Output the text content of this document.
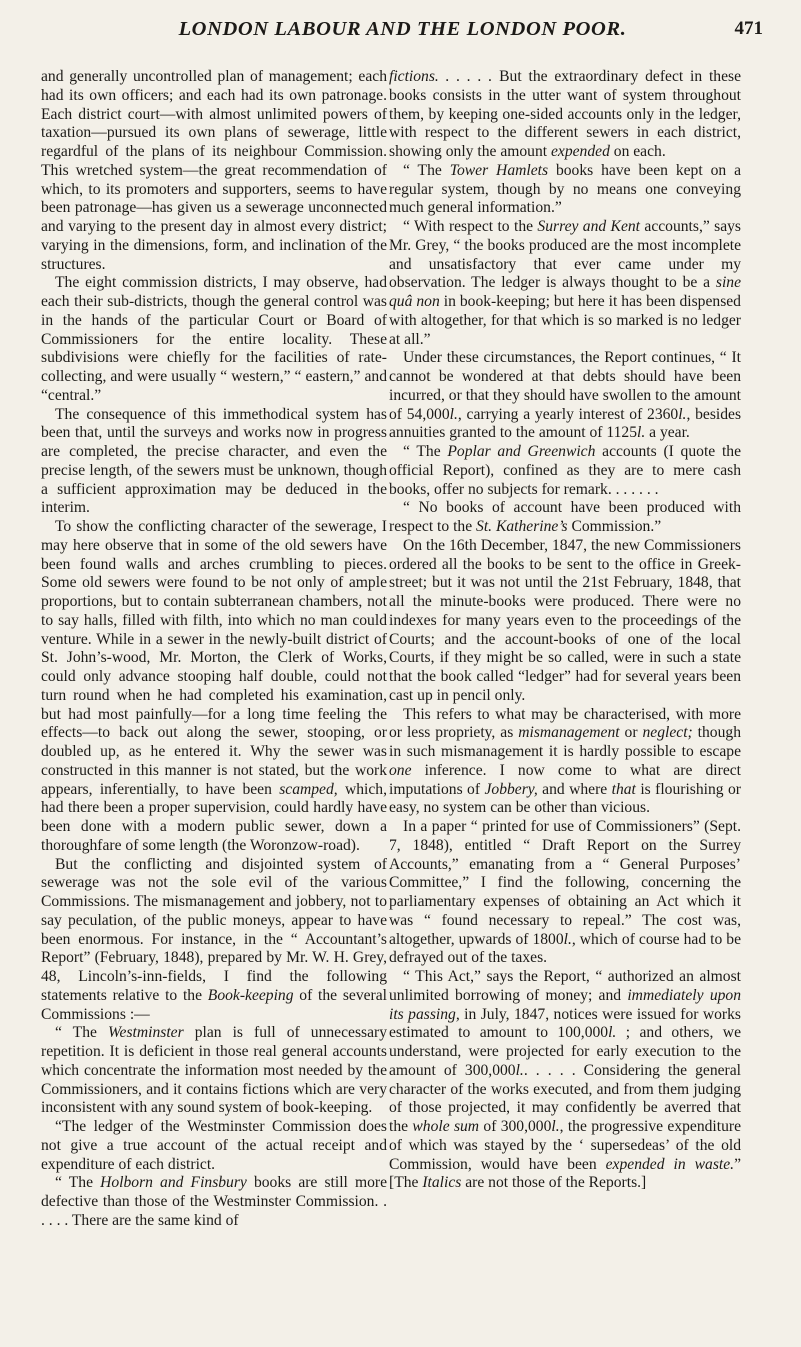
LONDON LABOUR AND THE LONDON POOR.	471

and generally uncontrolled plan of management; each had its own officers; and each had its own patronage. Each district court—with almost unlimited powers of taxation—pursued its own plans of sewerage, little regardful of the plans of its neighbour Commission. This wretched system—the great recommendation of which, to its promoters and supporters, seems to have been patronage—has given us a sewerage unconnected and varying to the present day in almost every district; varying in the dimensions, form, and inclination of the structures.

The eight commission districts, I may observe, had each their sub-districts, though the general control was in the hands of the particular Court or Board of Commissioners for the entire locality. These subdivisions were chiefly for the facilities of rate-collecting, and were usually “ western,” “ eastern,” and “central.”

The consequence of this immethodical system has been that, until the surveys and works now in progress are completed, the precise character, and even the precise length, of the sewers must be unknown, though a sufficient approximation may be deduced in the interim.

To show the conflicting character of the sewerage, I may here observe that in some of the old sewers have been found walls and arches crumbling to pieces. Some old sewers were found to be not only of ample proportions, but to contain subterranean chambers, not to say halls, filled with filth, into which no man could venture. While in a sewer in the newly-built district of St. John’s-wood, Mr. Morton, the Clerk of Works, could only advance stooping half double, could not turn round when he had completed his examination, but had most painfully—for a long time feeling the effects—to back out along the sewer, stooping, or doubled up, as he entered it. Why the sewer was constructed in this manner is not stated, but the work appears, inferentially, to have been scamped, which, had there been a proper supervision, could hardly have been done with a modern public sewer, down a thoroughfare of some length (the Woronzow-road).

But the conflicting and disjointed system of sewerage was not the sole evil of the various Commissions. The mismanagement and jobbery, not to say peculation, of the public moneys, appear to have been enormous. For instance, in the “ Accountant’s Report” (February, 1848), prepared by Mr. W. H. Grey, 48, Lincoln’s-inn-fields, I find the following statements relative to the Book-keeping of the several Commissions :—

“ The Westminster plan is full of unnecessary repetition. It is deficient in those real general accounts which concentrate the information most needed by the Commissioners, and it contains fictions which are very inconsistent with any sound system of book-keeping.

“The ledger of the Westminster Commission does not give a true account of the actual receipt and expenditure of each district.

“ The Holborn and Finsbury books are still more defective than those of the Westminster Commission. . . . . . There are the same kind of

fictions. . . . . . But the extraordinary defect in these books consists in the utter want of system throughout them, by keeping one-sided accounts only in the ledger, with respect to the different sewers in each district, showing only the amount expended on each.

“ The Tower Hamlets books have been kept on a regular system, though by no means one conveying much general information.”

“ With respect to the Surrey and Kent accounts,” says Mr. Grey, “ the books produced are the most incomplete and unsatisfactory that ever came under my observation. The ledger is always thought to be a sine quâ non in book-keeping; but here it has been dispensed with altogether, for that which is so marked is no ledger at all.”

Under these circumstances, the Report continues, “ It cannot be wondered at that debts should have been incurred, or that they should have swollen to the amount of 54,000l., carrying a yearly interest of 2360l., besides annuities granted to the amount of 1125l. a year.

“ The Poplar and Greenwich accounts (I quote the official Report), confined as they are to mere cash books, offer no subjects for remark. . . . . . .

“ No books of account have been produced with respect to the St. Katherine’s Commission.”

On the 16th December, 1847, the new Commissioners ordered all the books to be sent to the office in Greek-street; but it was not until the 21st February, 1848, that all the minute-books were produced. There were no indexes for many years even to the proceedings of the Courts; and the account-books of one of the local Courts, if they might be so called, were in such a state that the book called “ledger” had for several years been cast up in pencil only.

This refers to what may be characterised, with more or less propriety, as mismanagement or neglect; though in such mismanagement it is hardly possible to escape one inference. I now come to what are direct imputations of Jobbery, and where that is flourishing or easy, no system can be other than vicious.

In a paper “ printed for use of Commissioners” (Sept. 7, 1848), entitled “ Draft Report on the Surrey Accounts,” emanating from a “ General Purposes’ Committee,” I find the following, concerning the parliamentary expenses of obtaining an Act which it was “ found necessary to repeal.” The cost was, altogether, upwards of 1800l., which of course had to be defrayed out of the taxes.

“ This Act,” says the Report, “ authorized an almost unlimited borrowing of money; and immediately upon its passing, in July, 1847, notices were issued for works estimated to amount to 100,000l. ; and others, we understand, were projected for early execution to the amount of 300,000l.. . . . . Considering the general character of the works executed, and from them judging of those projected, it may confidently be averred that the whole sum of 300,000l., the progressive expenditure of which was stayed by the ‘ supersedeas’ of the old Commission, would have been expended in waste.” [The Italics are not those of the Reports.]
